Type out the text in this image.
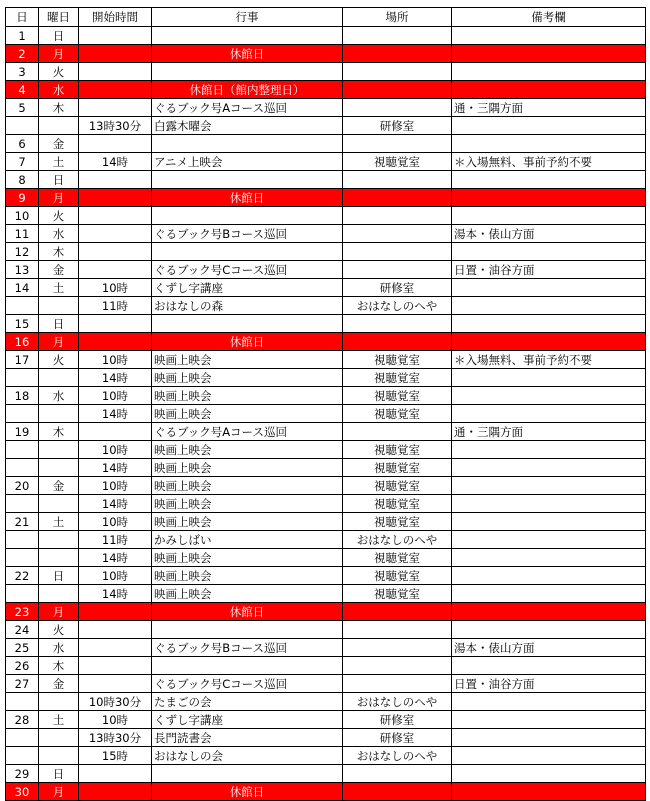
日	曜日	開始時間	行事	場所	備考欄
1	日				
2	月		休館日		
3	火				
4	水		休館日（館内整理日）		
5	木		ぐるブック号Aコース巡回		通・三隅方面
		13時30分	白露木曜会	研修室	
6	金				
7	土	14時	アニメ上映会	視聴覚室	＊入場無料、事前予約不要
8	日				
9	月		休館日		
10	火				
11	水		ぐるブック号Bコース巡回		湯本・俵山方面
12	木				
13	金		ぐるブック号Cコース巡回		日置・油谷方面
14	土	10時	くずし字講座	研修室	
		11時	おはなしの森	おはなしのへや	
15	日				
16	月		休館日		
17	火	10時	映画上映会	視聴覚室	＊入場無料、事前予約不要
		14時	映画上映会	視聴覚室	
18	水	10時	映画上映会	視聴覚室	
		14時	映画上映会	視聴覚室	
19	木		ぐるブック号Aコース巡回		通・三隅方面
		10時	映画上映会	視聴覚室	
		14時	映画上映会	視聴覚室	
20	金	10時	映画上映会	視聴覚室	
		14時	映画上映会	視聴覚室	
21	土	10時	映画上映会	視聴覚室	
		11時	かみしばい	おはなしのへや	
		14時	映画上映会	視聴覚室	
22	日	10時	映画上映会	視聴覚室	
		14時	映画上映会	視聴覚室	
23	月		休館日		
24	火				
25	水		ぐるブック号Bコース巡回		湯本・俵山方面
26	木				
27	金		ぐるブック号Cコース巡回		日置・油谷方面
		10時30分	たまごの会	おはなしのへや	
28	土	10時	くずし字講座	研修室	
		13時30分	長門読書会	研修室	
		15時	おはなしの会	おはなしのへや	
29	日				
30	月		休館日		
